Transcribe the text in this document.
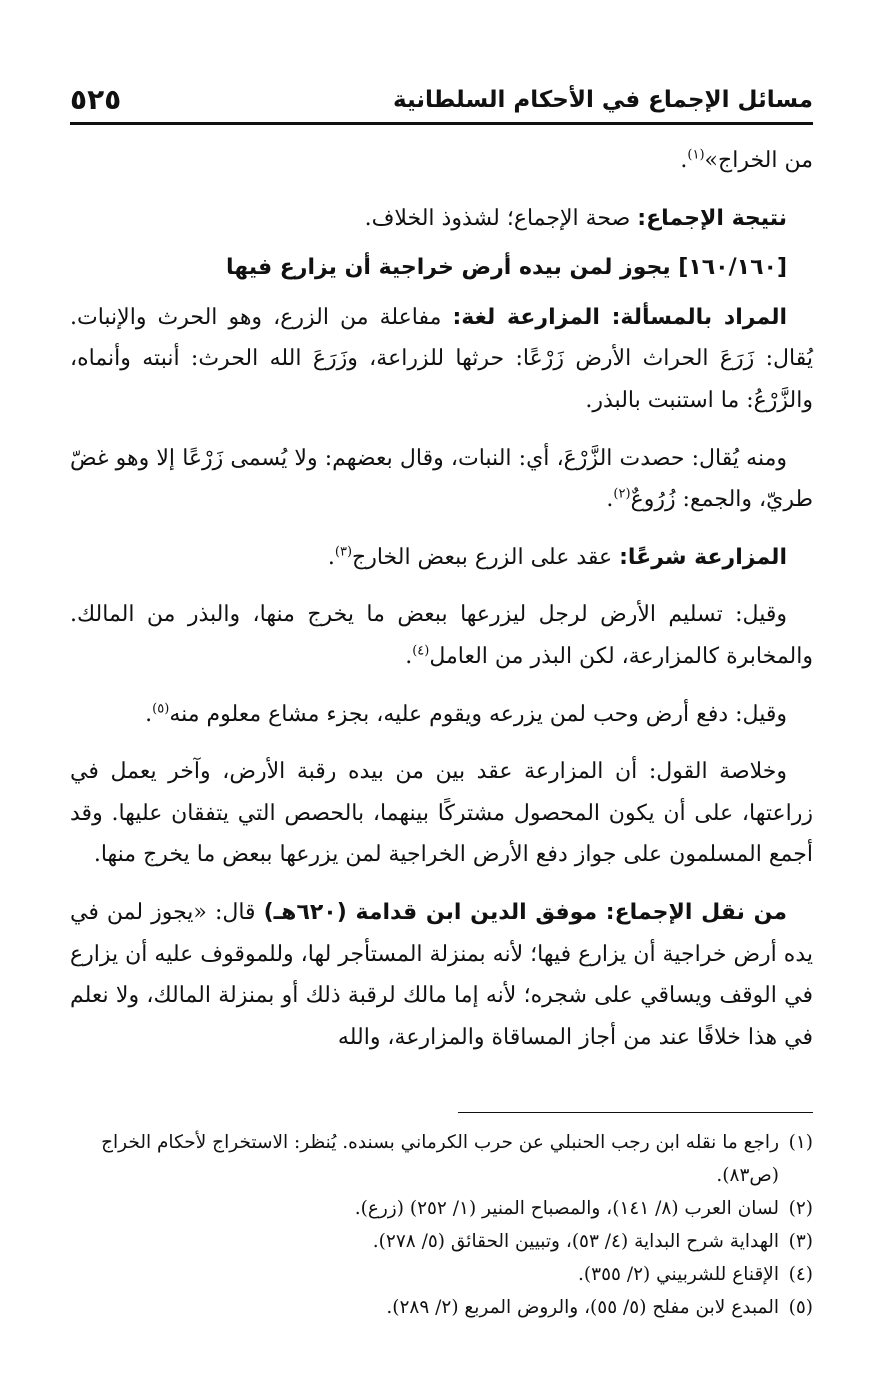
مسائل الإجماع في الأحكام السلطانية
٥٢٥

من الخراج»$^{(١)}$.

نتيجة الإجماع: صحة الإجماع؛ لشذوذ الخلاف.

[١٦٠/١٦٠] يجوز لمن بيده أرض خراجية أن يزارع فيها

المراد بالمسألة: المزارعة لغة: مفاعلة من الزرع، وهو الحرث والإنبات. يُقال: زَرَعَ الحراث الأرض زَرْعًا: حرثها للزراعة، وزَرَعَ الله الحرث: أنبته وأنماه، والزَّرْعُ: ما استنبت بالبذر.

ومنه يُقال: حصدت الزَّرْعَ، أي: النبات، وقال بعضهم: ولا يُسمى زَرْعًا إلا وهو غضّ طريّ، والجمع: زُرُوعٌ$^{(٢)}$.

المزارعة شرعًا: عقد على الزرع ببعض الخارج$^{(٣)}$.

وقيل: تسليم الأرض لرجل ليزرعها ببعض ما يخرج منها، والبذر من المالك. والمخابرة كالمزارعة، لكن البذر من العامل$^{(٤)}$.

وقيل: دفع أرض وحب لمن يزرعه ويقوم عليه، بجزء مشاع معلوم منه$^{(٥)}$.

وخلاصة القول: أن المزارعة عقد بين من بيده رقبة الأرض، وآخر يعمل في زراعتها، على أن يكون المحصول مشتركًا بينهما، بالحصص التي يتفقان عليها. وقد أجمع المسلمون على جواز دفع الأرض الخراجية لمن يزرعها ببعض ما يخرج منها.

من نقل الإجماع: موفق الدين ابن قدامة (٦٢٠هـ) قال: «يجوز لمن في يده أرض خراجية أن يزارع فيها؛ لأنه بمنزلة المستأجر لها، وللموقوف عليه أن يزارع في الوقف ويساقي على شجره؛ لأنه إما مالك لرقبة ذلك أو بمنزلة المالك، ولا نعلم في هذا خلافًا عند من أجاز المساقاة والمزارعة، والله

(١)
راجع ما نقله ابن رجب الحنبلي عن حرب الكرماني بسنده. يُنظر: الاستخراج لأحكام الخراج (ص٨٣).
(٢)
لسان العرب (٨/ ١٤١)، والمصباح المنير (١/ ٢٥٢) (زرع).
(٣)
الهداية شرح البداية (٤/ ٥٣)، وتبيين الحقائق (٥/ ٢٧٨).
(٤)
الإقناع للشربيني (٢/ ٣٥٥).
(٥)
المبدع لابن مفلح (٥/ ٥٥)، والروض المربع (٢/ ٢٨٩).
